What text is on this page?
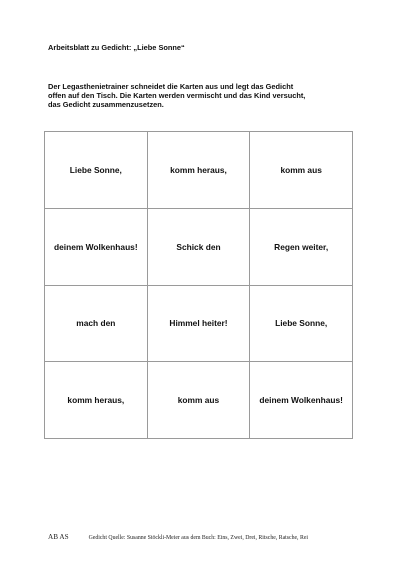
Arbeitsblatt zu Gedicht: „Liebe Sonne“
Der Legasthenietrainer schneidet die Karten aus und legt das Gedicht
offen auf den Tisch. Die Karten werden vermischt und das Kind versucht,
das Gedicht zusammenzusetzen.
Liebe Sonne,	komm heraus,	komm aus
deinem Wolkenhaus!	Schick den	Regen weiter,
mach den	Himmel heiter!	Liebe Sonne,
komm heraus,	komm aus	deinem Wolkenhaus!
AB AS	Gedicht Quelle: Susanne Stöckli-Meier aus dem Buch: Eins, Zwei, Drei, Ritsche, Ratsche, Rei
